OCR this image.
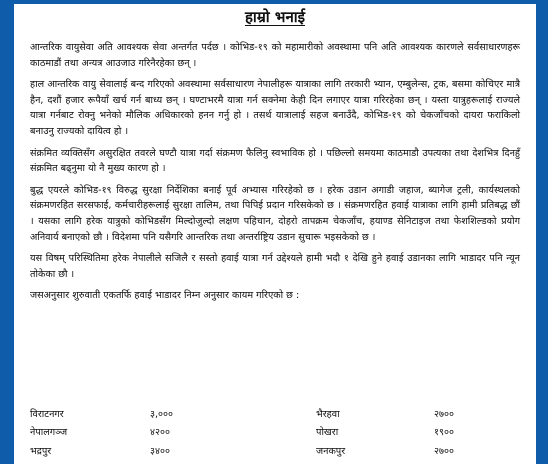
हाम्रो भनाई

आन्तरिक वायुसेवा अति आवश्यक सेवा अन्तर्गत पर्दछ । कोभिड-१९ को महामारीको अवस्थामा पनि अति आवश्यक कारणले सर्वसाधारणहरू काठमाडौं तथा अन्यत्र आउजाउ गरिनैरहेका छन् ।

हाल आन्तरिक वायु सेवालाई बन्द गरिएको अवस्थामा सर्वसाधारण नेपालीहरू यात्राका लागि तरकारी भ्यान, एम्बुलेन्स, ट्रक, बसमा कोचिएर मात्रै हैन, दशौं हजार रूपैयाँ खर्च गर्न बाध्य छन् । घण्टाभरमै यात्रा गर्न सक्नेमा केही दिन लगाएर यात्रा गरिरहेका छन् । यस्ता यात्रुहरूलाई राज्यले यात्रा गर्नबाट रोक्नु भनेको मौलिक अधिकारको हनन गर्नु हो । तसर्थ यात्रालाई सहज बनाउँदै, कोभिड-१९ को चेकजाँचको दायरा फराकिलो बनाउनु राज्यको दायित्व हो ।

संक्रमित व्यक्तिसँग असुरक्षित तवरले घण्टौ यात्रा गर्दा संक्रमण फैलिनु स्वभाविक हो । पछिल्लो समयमा काठमाडौ उपत्यका तथा देशभित्र दिनहुँ संक्रमित बढ्नुमा यो नै मुख्य कारण हो ।

बुद्ध एयरले कोभिड-१९ विरुद्ध सुरक्षा निर्देशिका बनाई पूर्व अभ्यास गरिरहेको छ । हरेक उडान अगाडी जहाज, ब्यागेज ट्रली, कार्यस्थलको संक्रमणरहित सरसफाई, कर्मचारीहरूलाई सुरक्षा तालिम, तथा पिपिई प्रदान गरिसकेको छ । संक्रमणरहित हवाई यात्राका लागि हामी प्रतिबद्ध छौं । यसका लागि हरेक यात्रुको कोभिडसँग मिल्दोजुल्दो लक्षण पहिचान, दोहरो तापक्रम चेकजाँच, हयाण्ड सेनिटाइज तथा फेशशिल्डको प्रयोग अनिवार्य बनाएको छौ । विदेशमा पनि यसैगरि आन्तरिक तथा अन्तर्राष्ट्रिय उडान सुचारू भइसकेको छ ।

यस विषम् परिस्थितिमा हरेक नेपालीले सजिलै र सस्तो हवाई यात्रा गर्न उद्देश्यले हामी भदौ १ देखि हुने हवाई उडानका लागि भाडादर पनि न्यून तोकेका छौ ।

जसअनुसार शुरुवाती एकतर्फि हवाई भाडादर निम्न अनुसार कायम गरिएको छ :

विराटनगर	३,०००	भैरहवा	२७००
नेपालगञ्ज	४२००	पोखरा	१९००
भद्रपुर	३४००	जनकपुर	२७००
